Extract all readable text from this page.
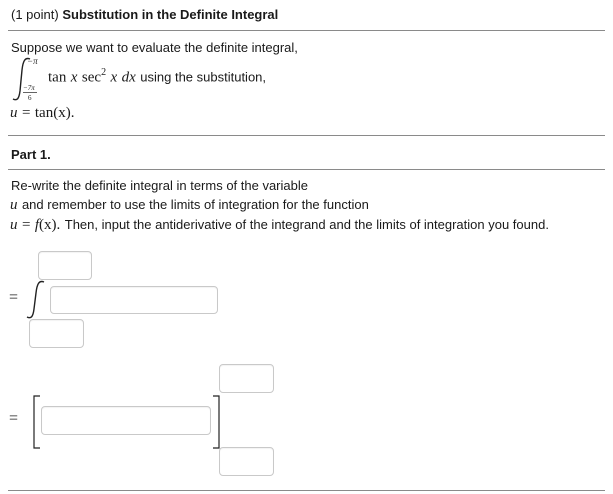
(1 point) Substitution in the Definite Integral
Suppose we want to evaluate the definite integral,
−π
−7π
6
tan x $\sec^2 x$ dx using the substitution,
u = tan(x).
Part 1.
Re-write the definite integral in terms of the variable
u and remember to use the limits of integration for the function
u = f(x). Then, input the antiderivative of the integrand and the limits of integration you found.
=
=
